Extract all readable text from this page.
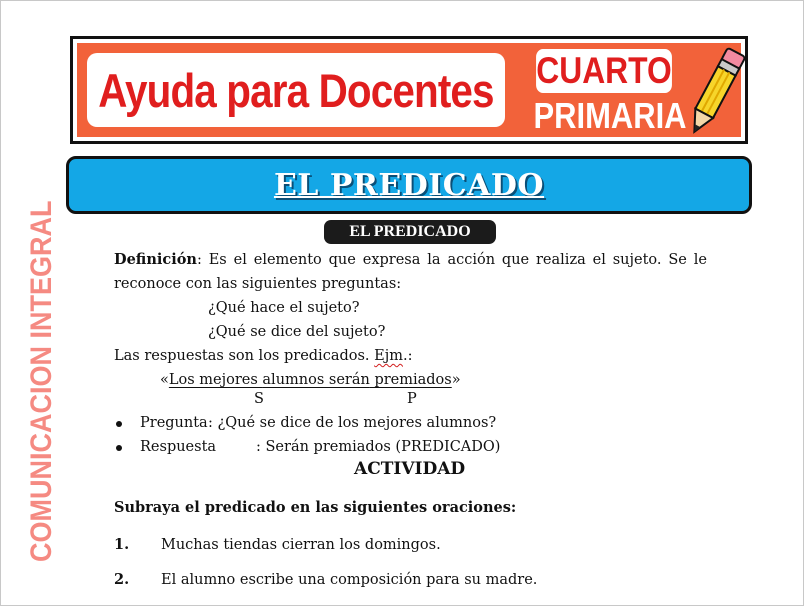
Ayuda para Docentes CUARTO
PRIMARIA
EL PREDICADO
EL PREDICADO
COMUNICACION INTEGRAL	Definición: Es el elemento que expresa la acción que realiza el sujeto. Se le
reconoce con las siguientes preguntas:
¿Qué hace el sujeto?
¿Qué se dice del sujeto?
Las respuestas son los predicados. Ejm.:
«Los mejores alumnos serán premiados»
S	P
Pregunta : ¿Qué se dice de los mejores alumnos?
Respuesta	: Serán premiados (PREDICADO)
ACTIVIDAD
Subraya el predicado en las siguientes oraciones:
1. Muchas tiendas cierran los domingos.
2. El alumno escribe una composición para su madre.
